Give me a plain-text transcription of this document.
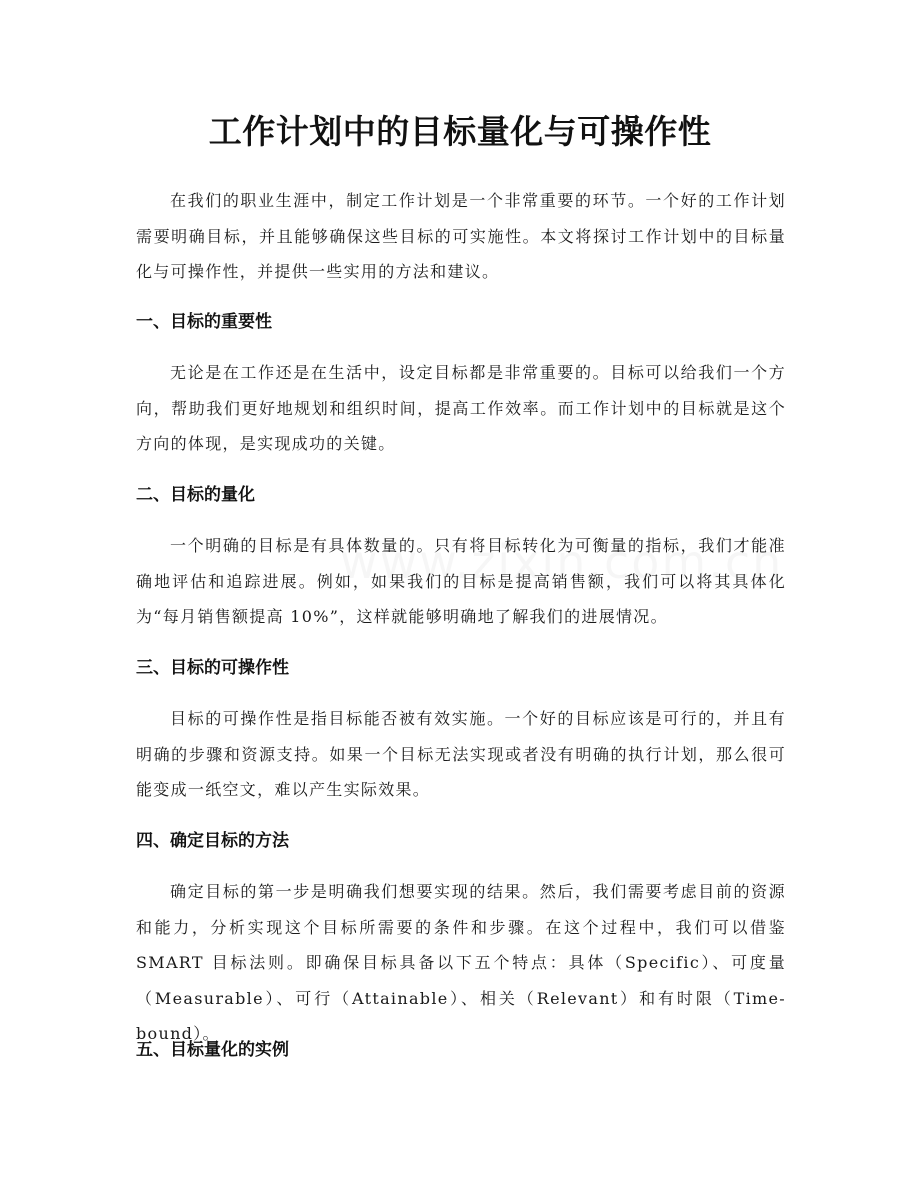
工作计划中的目标量化与可操作性

在我们的职业生涯中，制定工作计划是一个非常重要的环节。一个好的工作计划需要明确目标，并且能够确保这些目标的可实施性。本文将探讨工作计划中的目标量化与可操作性，并提供一些实用的方法和建议。

一、目标的重要性

无论是在工作还是在生活中，设定目标都是非常重要的。目标可以给我们一个方向，帮助我们更好地规划和组织时间，提高工作效率。而工作计划中的目标就是这个方向的体现，是实现成功的关键。

二、目标的量化

一个明确的目标是有具体数量的。只有将目标转化为可衡量的指标，我们才能准确地评估和追踪进展。例如，如果我们的目标是提高销售额，我们可以将其具体化为“每月销售额提高 10%”，这样就能够明确地了解我们的进展情况。

三、目标的可操作性

目标的可操作性是指目标能否被有效实施。一个好的目标应该是可行的，并且有明确的步骤和资源支持。如果一个目标无法实现或者没有明确的执行计划，那么很可能变成一纸空文，难以产生实际效果。

四、确定目标的方法

确定目标的第一步是明确我们想要实现的结果。然后，我们需要考虑目前的资源和能力，分析实现这个目标所需要的条件和步骤。在这个过程中，我们可以借鉴 SMART 目标法则。即确保目标具备以下五个特点：具体（Specific）、可度量（Measurable）、可行（Attainable）、相关（Relevant）和有时限（Time-bound）。

五、目标量化的实例
